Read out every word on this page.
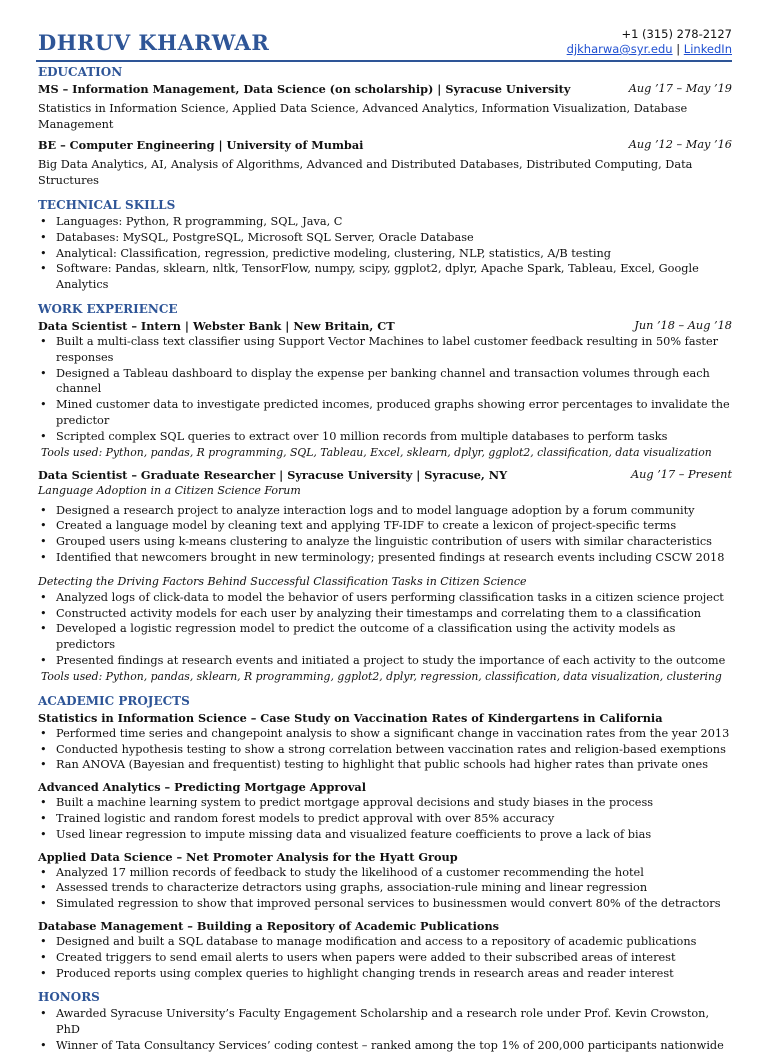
DHRUV KHARWAR	+1 (315) 278-2127
djkharwa@syr.edu | LinkedIn
EDUCATION
MS – Information Management, Data Science (on scholarship) | Syracuse University	Aug ’17 – May ’19
Statistics in Information Science, Applied Data Science, Advanced Analytics, Information Visualization, Database Management
BE – Computer Engineering | University of Mumbai	Aug ’12 – May ’16
Big Data Analytics, AI, Analysis of Algorithms, Advanced and Distributed Databases, Distributed Computing, Data Structures
TECHNICAL SKILLS
• Languages: Python, R programming, SQL, Java, C
• Databases: MySQL, PostgreSQL, Microsoft SQL Server, Oracle Database
• Analytical: Classification, regression, predictive modeling, clustering, NLP, statistics, A/B testing
• Software: Pandas, sklearn, nltk, TensorFlow, numpy, scipy, ggplot2, dplyr, Apache Spark, Tableau, Excel, Google Analytics
WORK EXPERIENCE
Data Scientist – Intern | Webster Bank | New Britain, CT	Jun ’18 – Aug ’18
• Built a multi-class text classifier using Support Vector Machines to label customer feedback resulting in 50% faster responses
• Designed a Tableau dashboard to display the expense per banking channel and transaction volumes through each channel
• Mined customer data to investigate predicted incomes, produced graphs showing error percentages to invalidate the predictor
• Scripted complex SQL queries to extract over 10 million records from multiple databases to perform tasks
Tools used: Python, pandas, R programming, SQL, Tableau, Excel, sklearn, dplyr, ggplot2, classification, data visualization
Data Scientist – Graduate Researcher | Syracuse University | Syracuse, NY	Aug ’17 – Present
Language Adoption in a Citizen Science Forum
• Designed a research project to analyze interaction logs and to model language adoption by a forum community
• Created a language model by cleaning text and applying TF-IDF to create a lexicon of project-specific terms
• Grouped users using k-means clustering to analyze the linguistic contribution of users with similar characteristics
• Identified that newcomers brought in new terminology; presented findings at research events including CSCW 2018
Detecting the Driving Factors Behind Successful Classification Tasks in Citizen Science
• Analyzed logs of click-data to model the behavior of users performing classification tasks in a citizen science project
• Constructed activity models for each user by analyzing their timestamps and correlating them to a classification
• Developed a logistic regression model to predict the outcome of a classification using the activity models as predictors
• Presented findings at research events and initiated a project to study the importance of each activity to the outcome
Tools used: Python, pandas, sklearn, R programming, ggplot2, dplyr, regression, classification, data visualization, clustering
ACADEMIC PROJECTS
Statistics in Information Science – Case Study on Vaccination Rates of Kindergartens in California
• Performed time series and changepoint analysis to show a significant change in vaccination rates from the year 2013
• Conducted hypothesis testing to show a strong correlation between vaccination rates and religion-based exemptions
• Ran ANOVA (Bayesian and frequentist) testing to highlight that public schools had higher rates than private ones
Advanced Analytics – Predicting Mortgage Approval
• Built a machine learning system to predict mortgage approval decisions and study biases in the process
• Trained logistic and random forest models to predict approval with over 85% accuracy
• Used linear regression to impute missing data and visualized feature coefficients to prove a lack of bias
Applied Data Science – Net Promoter Analysis for the Hyatt Group
• Analyzed 17 million records of feedback to study the likelihood of a customer recommending the hotel
• Assessed trends to characterize detractors using graphs, association-rule mining and linear regression
• Simulated regression to show that improved personal services to businessmen would convert 80% of the detractors
Database Management – Building a Repository of Academic Publications
• Designed and built a SQL database to manage modification and access to a repository of academic publications
• Created triggers to send email alerts to users when papers were added to their subscribed areas of interest
• Produced reports using complex queries to highlight changing trends in research areas and reader interest
HONORS
• Awarded Syracuse University’s Faculty Engagement Scholarship and a research role under Prof. Kevin Crowston, PhD
• Winner of Tata Consultancy Services’ coding contest – ranked among the top 1% of 200,000 participants nationwide
